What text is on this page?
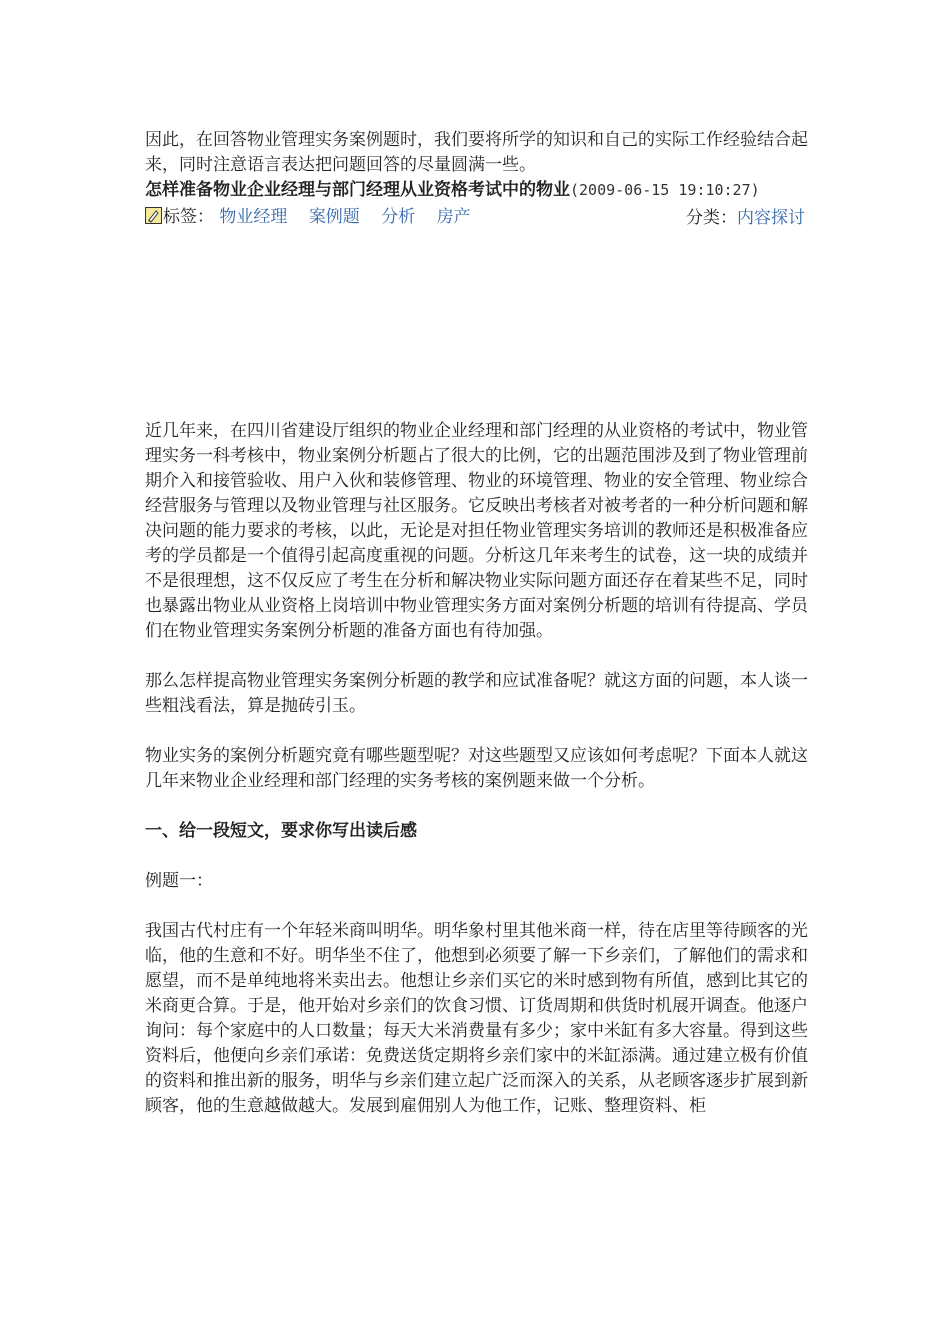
因此，在回答物业管理实务案例题时，我们要将所学的知识和自己的实际工作经验结合起来，同时注意语言表达把问题回答的尽量圆满一些。

怎样准备物业企业经理与部门经理从业资格考试中的物业(2009-06-15 19:10:27)

标签： 物业经理 案例题 分析 房产	分类：内容探讨

近几年来，在四川省建设厅组织的物业企业经理和部门经理的从业资格的考试中，物业管理实务一科考核中，物业案例分析题占了很大的比例，它的出题范围涉及到了物业管理前期介入和接管验收、用户入伙和装修管理、物业的环境管理、物业的安全管理、物业综合经营服务与管理以及物业管理与社区服务。它反映出考核者对被考者的一种分析问题和解决问题的能力要求的考核，以此，无论是对担任物业管理实务培训的教师还是积极准备应考的学员都是一个值得引起高度重视的问题。分析这几年来考生的试卷，这一块的成绩并不是很理想，这不仅反应了考生在分析和解决物业实际问题方面还存在着某些不足，同时也暴露出物业从业资格上岗培训中物业管理实务方面对案例分析题的培训有待提高、学员们在物业管理实务案例分析题的准备方面也有待加强。

那么怎样提高物业管理实务案例分析题的教学和应试准备呢？就这方面的问题，本人谈一些粗浅看法，算是抛砖引玉。

物业实务的案例分析题究竟有哪些题型呢？对这些题型又应该如何考虑呢？下面本人就这几年来物业企业经理和部门经理的实务考核的案例题来做一个分析。

一、给一段短文，要求你写出读后感

例题一：

我国古代村庄有一个年轻米商叫明华。明华象村里其他米商一样，待在店里等待顾客的光临，他的生意和不好。明华坐不住了，他想到必须要了解一下乡亲们，了解他们的需求和愿望，而不是单纯地将米卖出去。他想让乡亲们买它的米时感到物有所值，感到比其它的米商更合算。于是，他开始对乡亲们的饮食习惯、订货周期和供货时机展开调查。他逐户询问：每个家庭中的人口数量；每天大米消费量有多少；家中米缸有多大容量。得到这些资料后，他便向乡亲们承诺：免费送货定期将乡亲们家中的米缸添满。通过建立极有价值的资料和推出新的服务，明华与乡亲们建立起广泛而深入的关系，从老顾客逐步扩展到新顾客，他的生意越做越大。发展到雇佣别人为他工作，记账、整理资料、柜
